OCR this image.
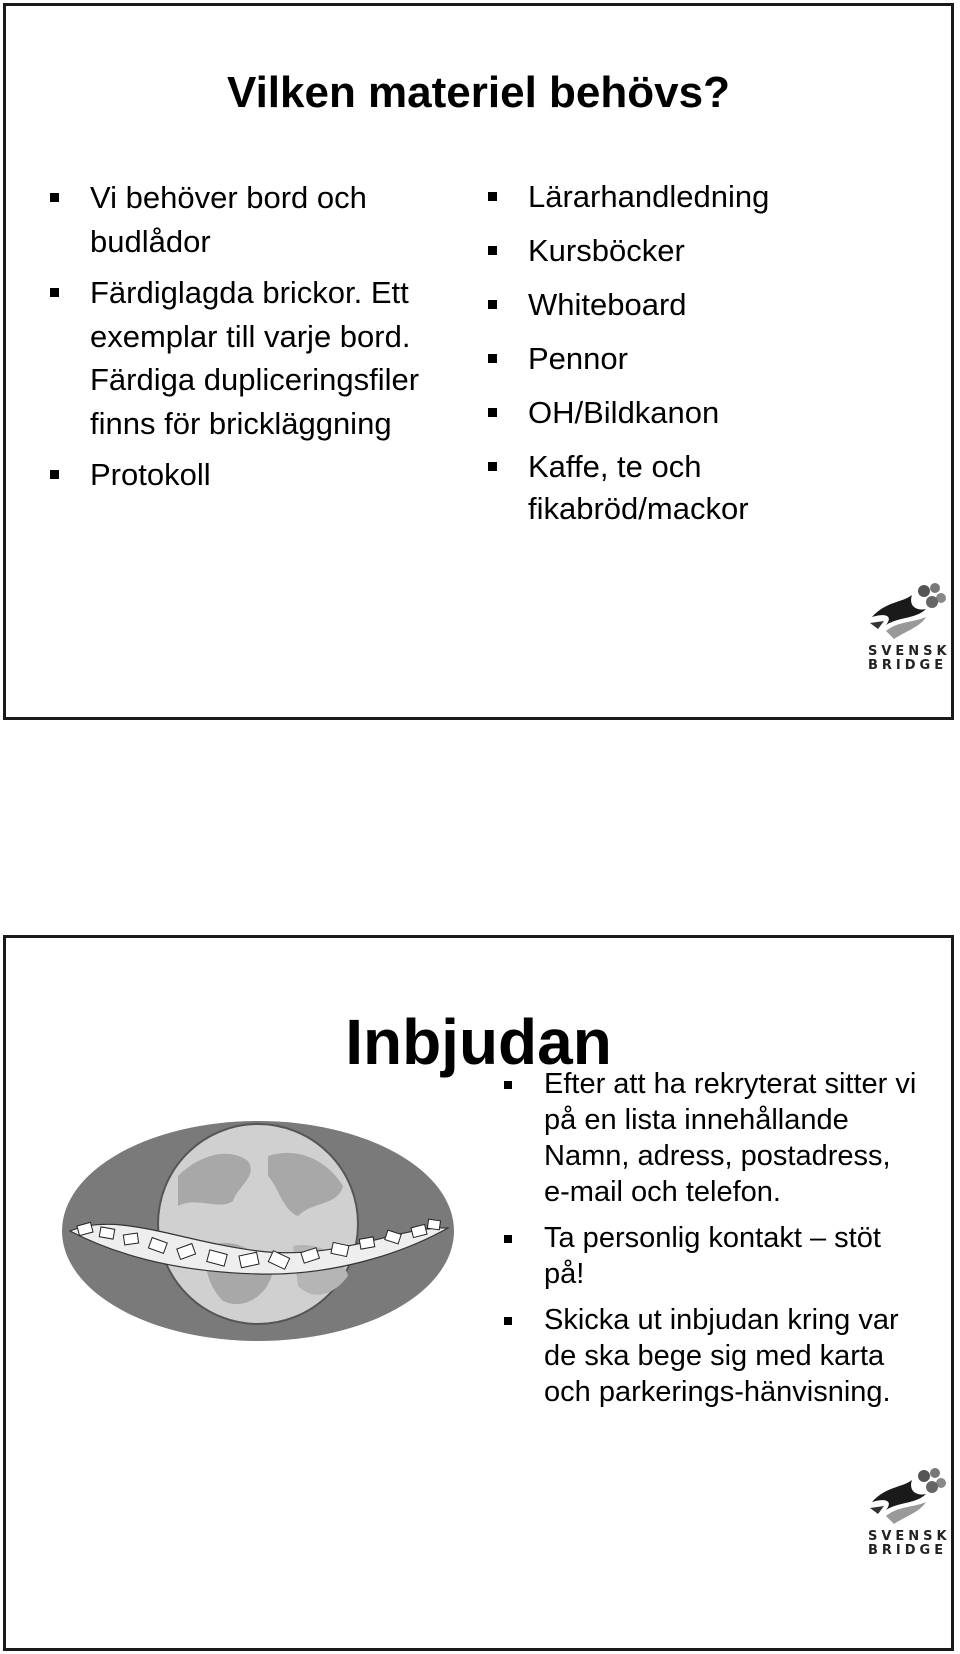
Vilken materiel behövs?
Vi behöver bord och budlådor
Färdiglagda brickor. Ett exemplar till varje bord. Färdiga dupliceringsfiler finns för brickläggning
Protokoll
Lärarhandledning
Kursböcker
Whiteboard
Pennor
OH/Bildkanon
Kaffe, te och fikabröd/mackor
SVENSK
BRIDGE
Inbjudan
Efter att ha rekryterat sitter vi på en lista innehållande Namn, adress, postadress, e-mail och telefon.
Ta personlig kontakt – stöt på!
Skicka ut inbjudan kring var de ska bege sig med karta och parkerings-hänvisning.
SVENSK
BRIDGE
